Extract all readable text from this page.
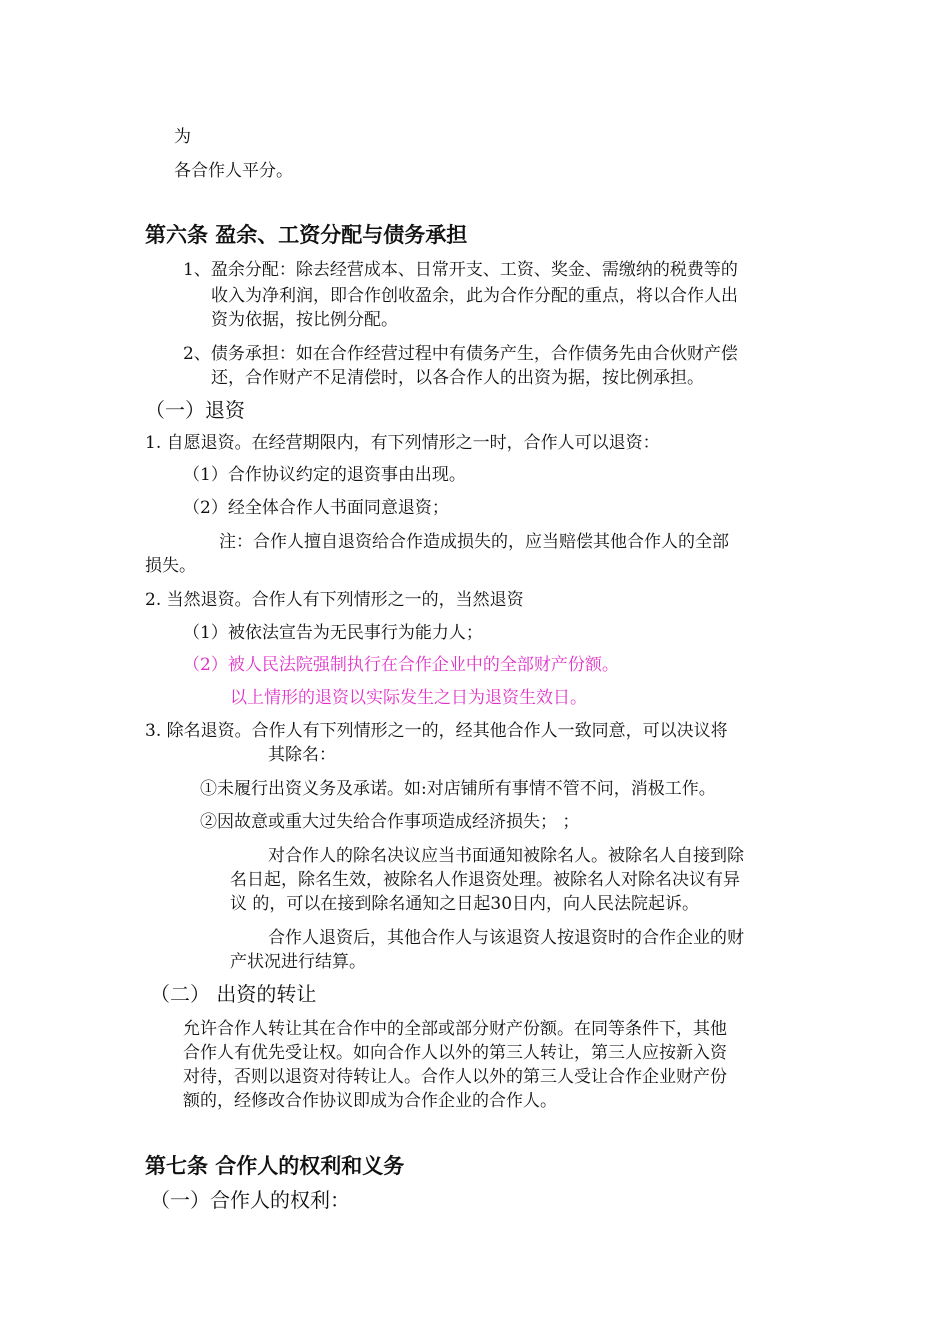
为
各合作人平分。
第六条 盈余、工资分配与债务承担
1、盈余分配：除去经营成本、日常开支、工资、奖金、需缴纳的税费等的
收入为净利润，即合作创收盈余，此为合作分配的重点，将以合作人出
资为依据，按比例分配。
2、债务承担：如在合作经营过程中有债务产生，合作债务先由合伙财产偿
还，合作财产不足清偿时，以各合作人的出资为据，按比例承担。
（一）退资
1. 自愿退资。在经营期限内，有下列情形之一时，合作人可以退资：
（1）合作协议约定的退资事由出现。
（2）经全体合作人书面同意退资；
注：合作人擅自退资给合作造成损失的，应当赔偿其他合作人的全部
损失。
2. 当然退资。合作人有下列情形之一的，当然退资
（1）被依法宣告为无民事行为能力人；
（2）被人民法院强制执行在合作企业中的全部财产份额。
以上情形的退资以实际发生之日为退资生效日。
3. 除名退资。合作人有下列情形之一的，经其他合作人一致同意，可以决议将
其除名：
①未履行出资义务及承诺。如:对店铺所有事情不管不问，消极工作。
②因故意或重大过失给合作事项造成经济损失； ；
对合作人的除名决议应当书面通知被除名人。被除名人自接到除
名日起，除名生效，被除名人作退资处理。被除名人对除名决议有异
议 的，可以在接到除名通知之日起30日内，向人民法院起诉。
合作人退资后，其他合作人与该退资人按退资时的合作企业的财
产状况进行结算。
（二） 出资的转让
允许合作人转让其在合作中的全部或部分财产份额。在同等条件下，其他
合作人有优先受让权。如向合作人以外的第三人转让，第三人应按新入资
对待，否则以退资对待转让人。合作人以外的第三人受让合作企业财产份
额的，经修改合作协议即成为合作企业的合作人。
第七条 合作人的权利和义务
（一）合作人的权利：
